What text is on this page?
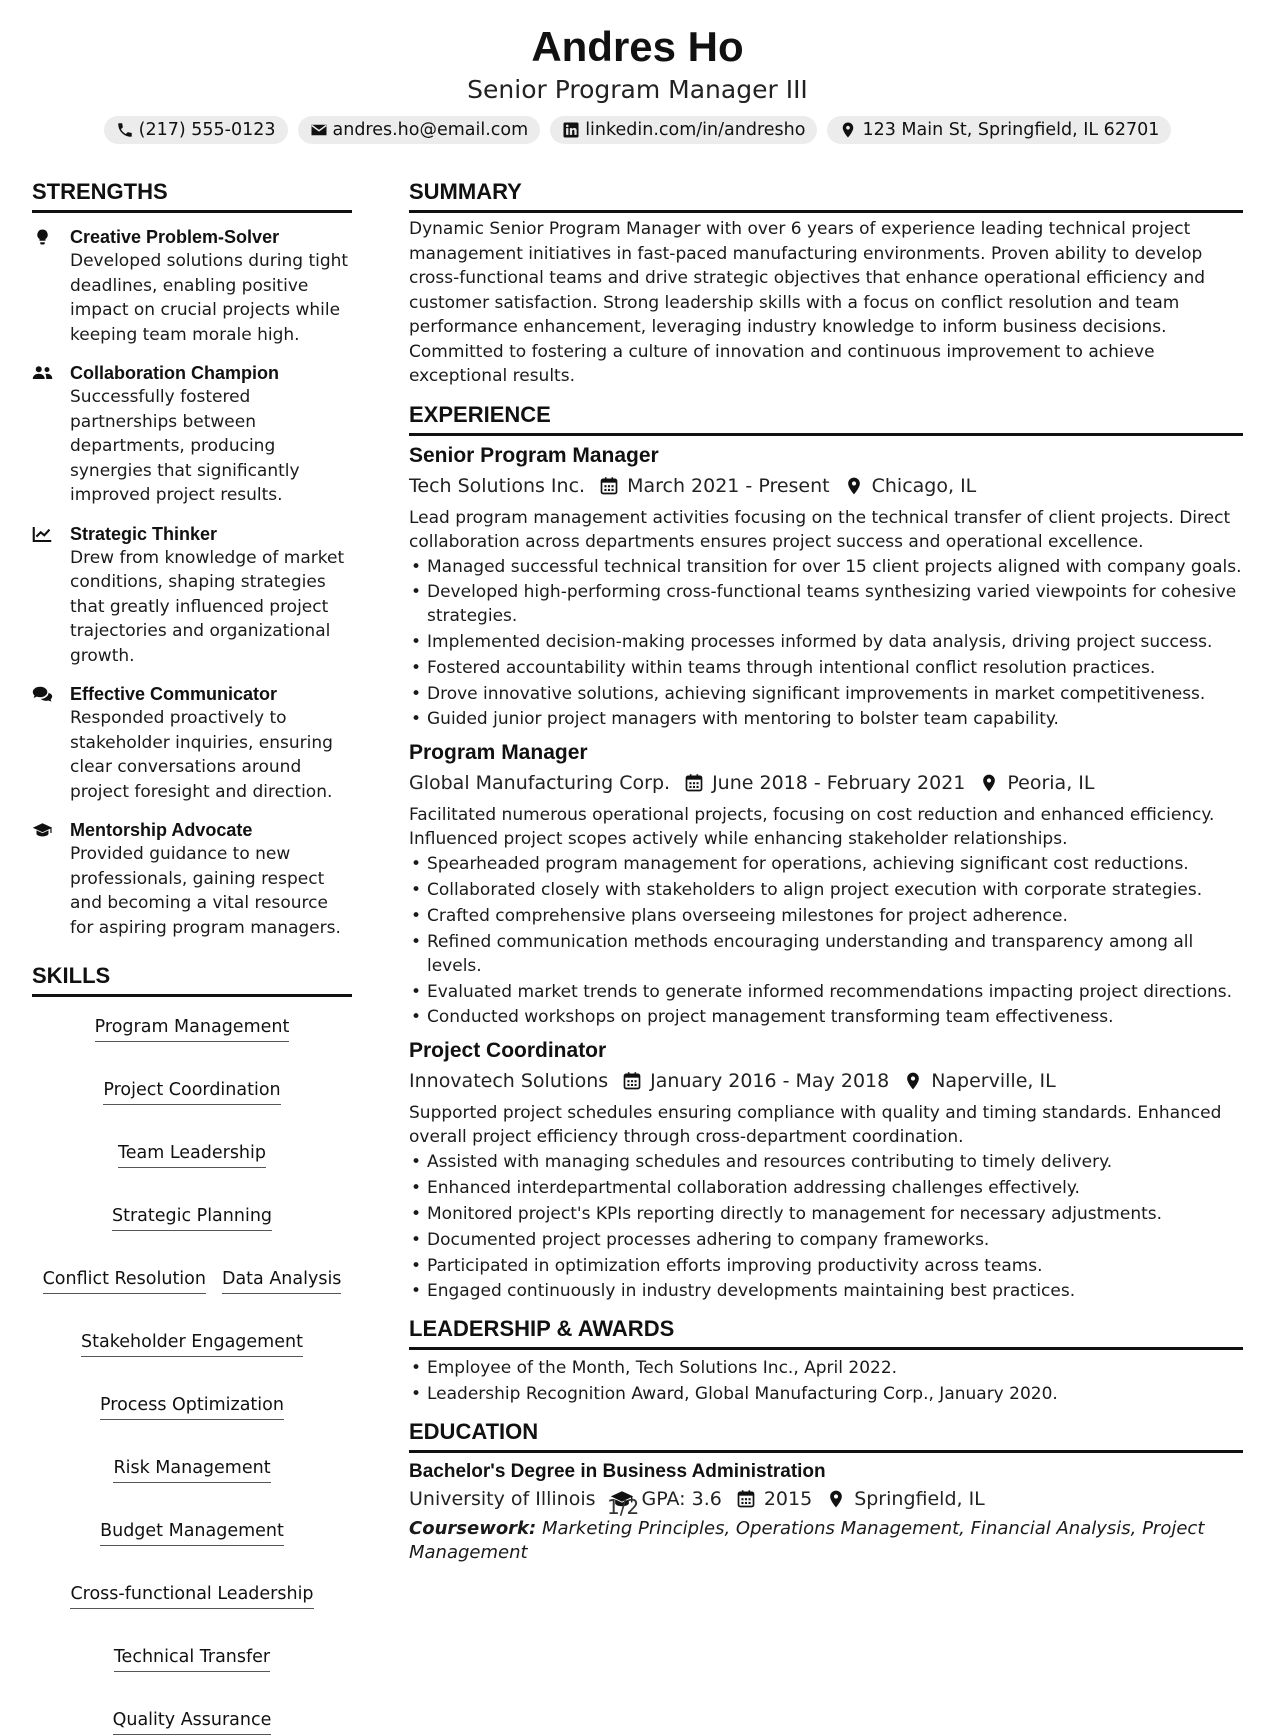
Andres Ho
Senior Program Manager III
(217) 555-0123	andres.ho@email.com	linkedin.com/in/andresho	123 Main St, Springfield, IL 62701
STRENGTHS
Creative Problem-Solver
Developed solutions during tight deadlines, enabling positive impact on crucial projects while keeping team morale high.
Collaboration Champion
Successfully fostered partnerships between departments, producing synergies that significantly improved project results.
Strategic Thinker
Drew from knowledge of market conditions, shaping strategies that greatly influenced project trajectories and organizational growth.
Effective Communicator
Responded proactively to stakeholder inquiries, ensuring clear conversations around project foresight and direction.
Mentorship Advocate
Provided guidance to new professionals, gaining respect and becoming a vital resource for aspiring program managers.
SKILLS
Program Management
Project Coordination
Team Leadership
Strategic Planning
Conflict Resolution Data Analysis
Stakeholder Engagement
Process Optimization
Risk Management
Budget Management
Cross-functional Leadership
Technical Transfer
Quality Assurance
SUMMARY
Dynamic Senior Program Manager with over 6 years of experience leading technical project management initiatives in fast-paced manufacturing environments. Proven ability to develop cross-functional teams and drive strategic objectives that enhance operational efficiency and customer satisfaction. Strong leadership skills with a focus on conflict resolution and team performance enhancement, leveraging industry knowledge to inform business decisions. Committed to fostering a culture of innovation and continuous improvement to achieve exceptional results.
EXPERIENCE
Senior Program Manager
Tech Solutions Inc. March 2021 - Present Chicago, IL
Lead program management activities focusing on the technical transfer of client projects. Direct collaboration across departments ensures project success and operational excellence.
• Managed successful technical transition for over 15 client projects aligned with company goals.
• Developed high-performing cross-functional teams synthesizing varied viewpoints for cohesive strategies.
• Implemented decision-making processes informed by data analysis, driving project success.
• Fostered accountability within teams through intentional conflict resolution practices.
• Drove innovative solutions, achieving significant improvements in market competitiveness.
• Guided junior project managers with mentoring to bolster team capability.
Program Manager
Global Manufacturing Corp. June 2018 - February 2021 Peoria, IL
Facilitated numerous operational projects, focusing on cost reduction and enhanced efficiency. Influenced project scopes actively while enhancing stakeholder relationships.
• Spearheaded program management for operations, achieving significant cost reductions.
• Collaborated closely with stakeholders to align project execution with corporate strategies.
• Crafted comprehensive plans overseeing milestones for project adherence.
• Refined communication methods encouraging understanding and transparency among all levels.
• Evaluated market trends to generate informed recommendations impacting project directions.
• Conducted workshops on project management transforming team effectiveness.
Project Coordinator
Innovatech Solutions January 2016 - May 2018 Naperville, IL
Supported project schedules ensuring compliance with quality and timing standards. Enhanced overall project efficiency through cross-department coordination.
• Assisted with managing schedules and resources contributing to timely delivery.
• Enhanced interdepartmental collaboration addressing challenges effectively.
• Monitored project's KPIs reporting directly to management for necessary adjustments.
• Documented project processes adhering to company frameworks.
• Participated in optimization efforts improving productivity across teams.
• Engaged continuously in industry developments maintaining best practices.
LEADERSHIP & AWARDS
• Employee of the Month, Tech Solutions Inc., April 2022.
• Leadership Recognition Award, Global Manufacturing Corp., January 2020.
EDUCATION
Bachelor's Degree in Business Administration
University of Illinois GPA: 3.6 2015 Springfield, IL
Coursework: Marketing Principles, Operations Management, Financial Analysis, Project Management
1/2
